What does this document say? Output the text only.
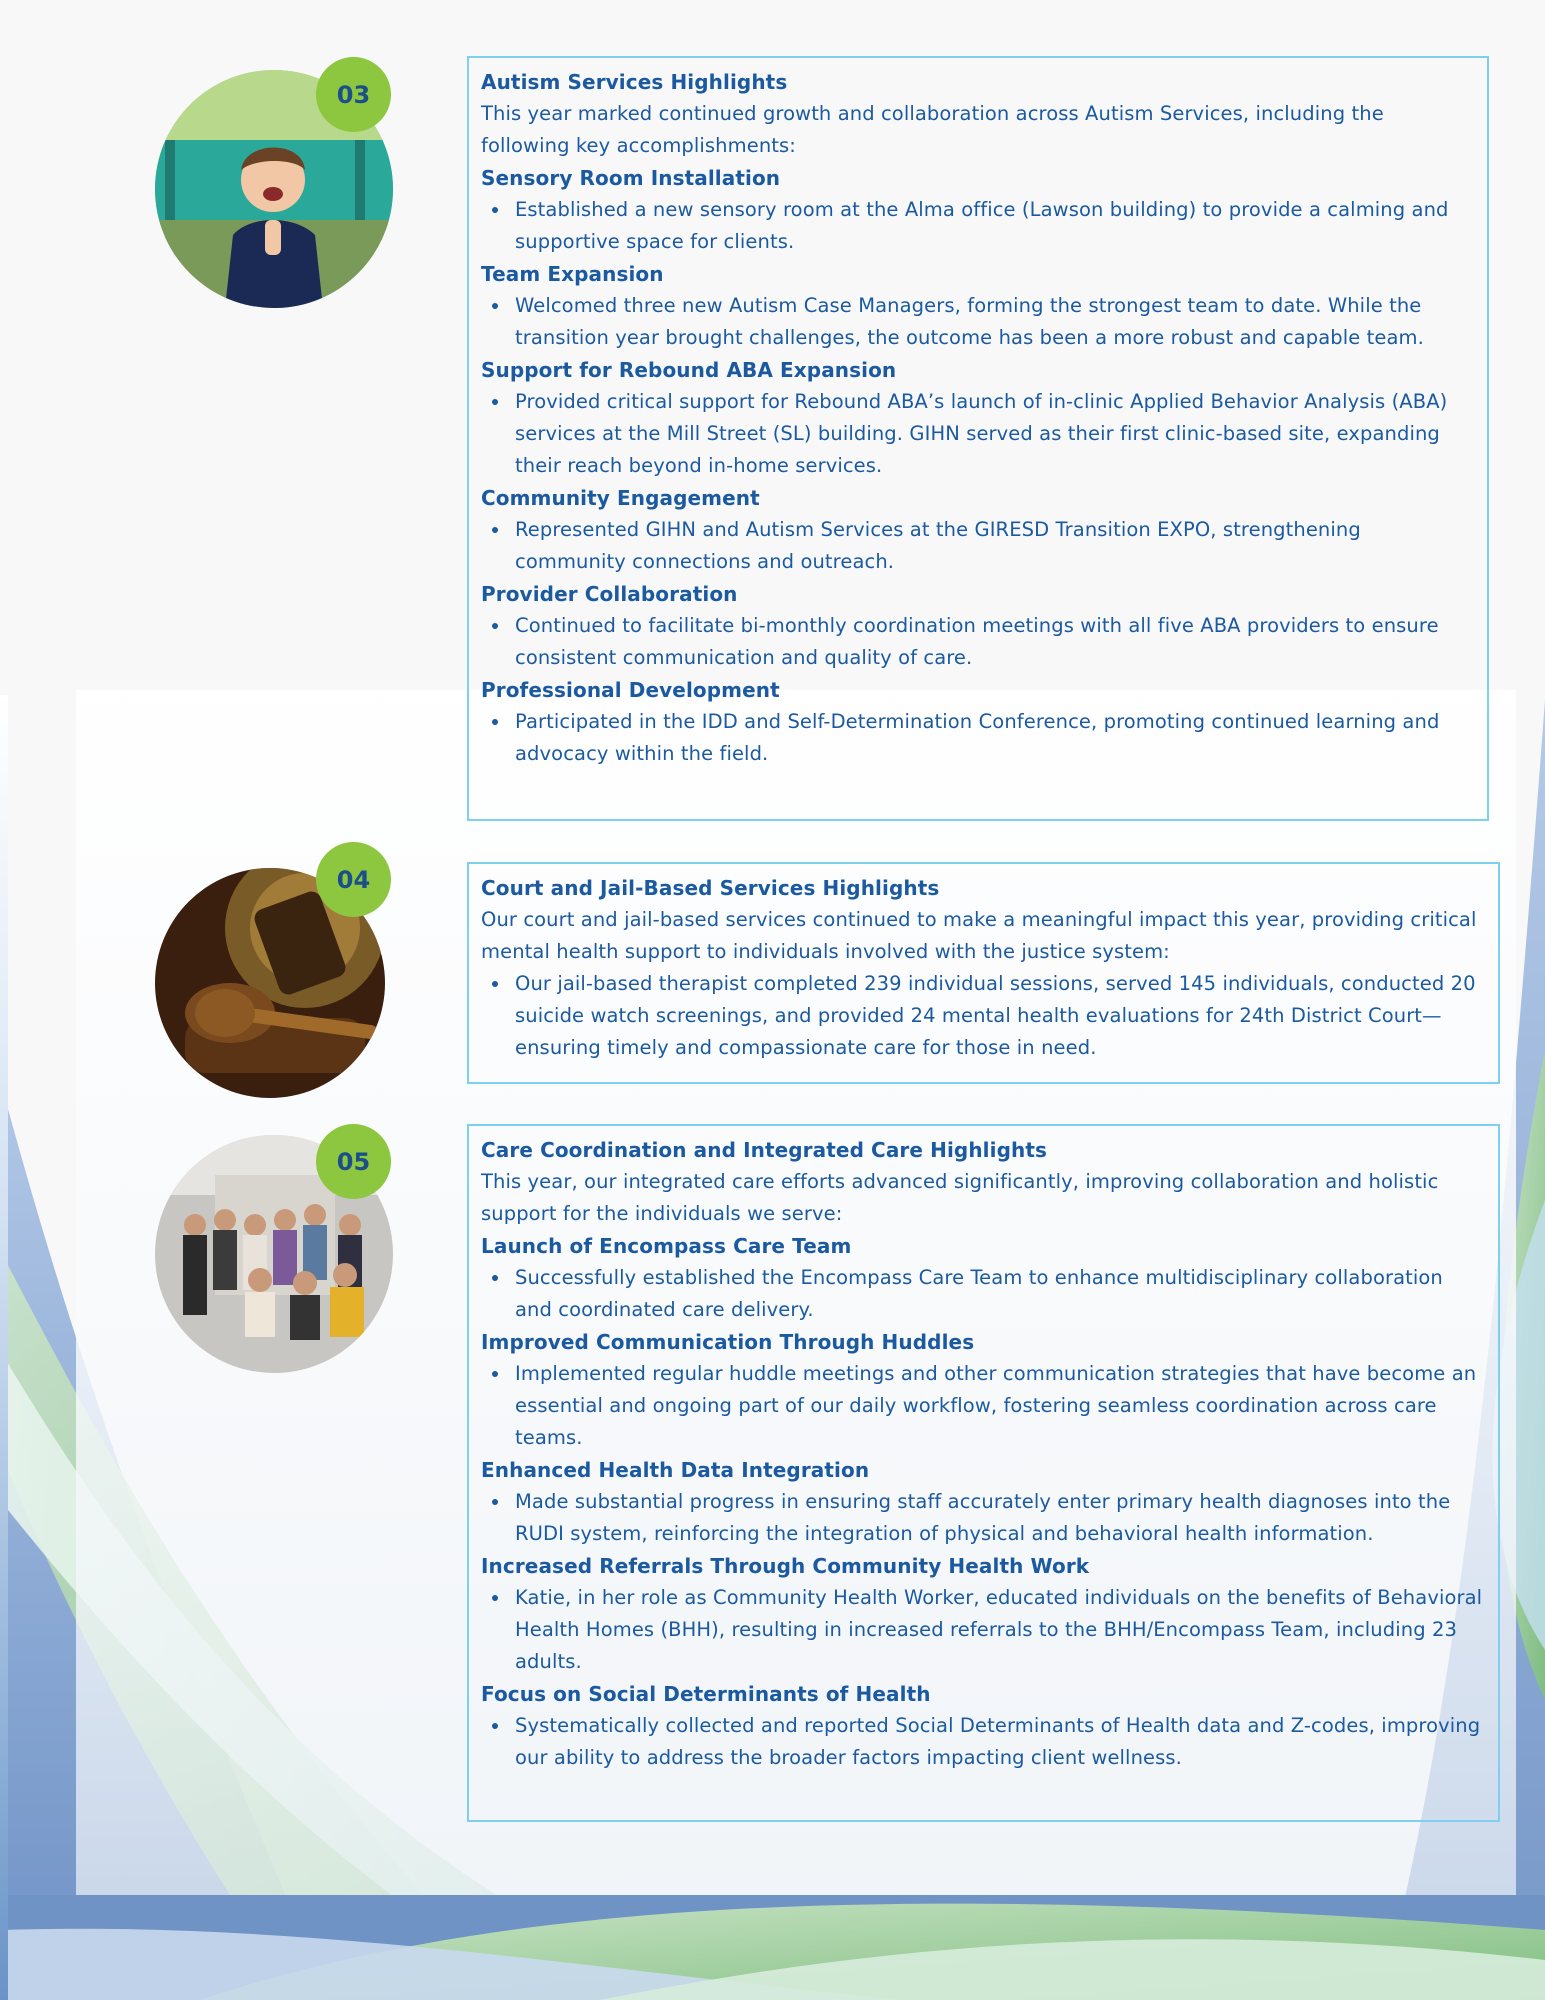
03	Autism Services Highlights

This year marked continued growth and collaboration across Autism Services, including the following key accomplishments:

Sensory Room Installation
Established a new sensory room at the Alma office (Lawson building) to provide a calming and supportive space for clients.
Team Expansion
Welcomed three new Autism Case Managers, forming the strongest team to date. While the transition year brought challenges, the outcome has been a more robust and capable team.
Support for Rebound ABA Expansion
Provided critical support for Rebound ABA’s launch of in-clinic Applied Behavior Analysis (ABA) services at the Mill Street (SL) building. GIHN served as their first clinic-based site, expanding their reach beyond in-home services.
Community Engagement
Represented GIHN and Autism Services at the GIRESD Transition EXPO, strengthening community connections and outreach.
Provider Collaboration
Continued to facilitate bi-monthly coordination meetings with all five ABA providers to ensure consistent communication and quality of care.
Professional Development
Participated in the IDD and Self-Determination Conference, promoting continued learning and advocacy within the field.
04	Court and Jail-Based Services Highlights

Our court and jail-based services continued to make a meaningful impact this year, providing critical mental health support to individuals involved with the justice system:

Our jail-based therapist completed 239 individual sessions, served 145 individuals, conducted 20 suicide watch screenings, and provided 24 mental health evaluations for 24th District Court—ensuring timely and compassionate care for those in need.
05	Care Coordination and Integrated Care Highlights

This year, our integrated care efforts advanced significantly, improving collaboration and holistic support for the individuals we serve:

Launch of Encompass Care Team
Successfully established the Encompass Care Team to enhance multidisciplinary collaboration and coordinated care delivery.
Improved Communication Through Huddles
Implemented regular huddle meetings and other communication strategies that have become an essential and ongoing part of our daily workflow, fostering seamless coordination across care teams.
Enhanced Health Data Integration
Made substantial progress in ensuring staff accurately enter primary health diagnoses into the RUDI system, reinforcing the integration of physical and behavioral health information.
Increased Referrals Through Community Health Work
Katie, in her role as Community Health Worker, educated individuals on the benefits of Behavioral Health Homes (BHH), resulting in increased referrals to the BHH/Encompass Team, including 23 adults.
Focus on Social Determinants of Health
Systematically collected and reported Social Determinants of Health data and Z-codes, improving our ability to address the broader factors impacting client wellness.
